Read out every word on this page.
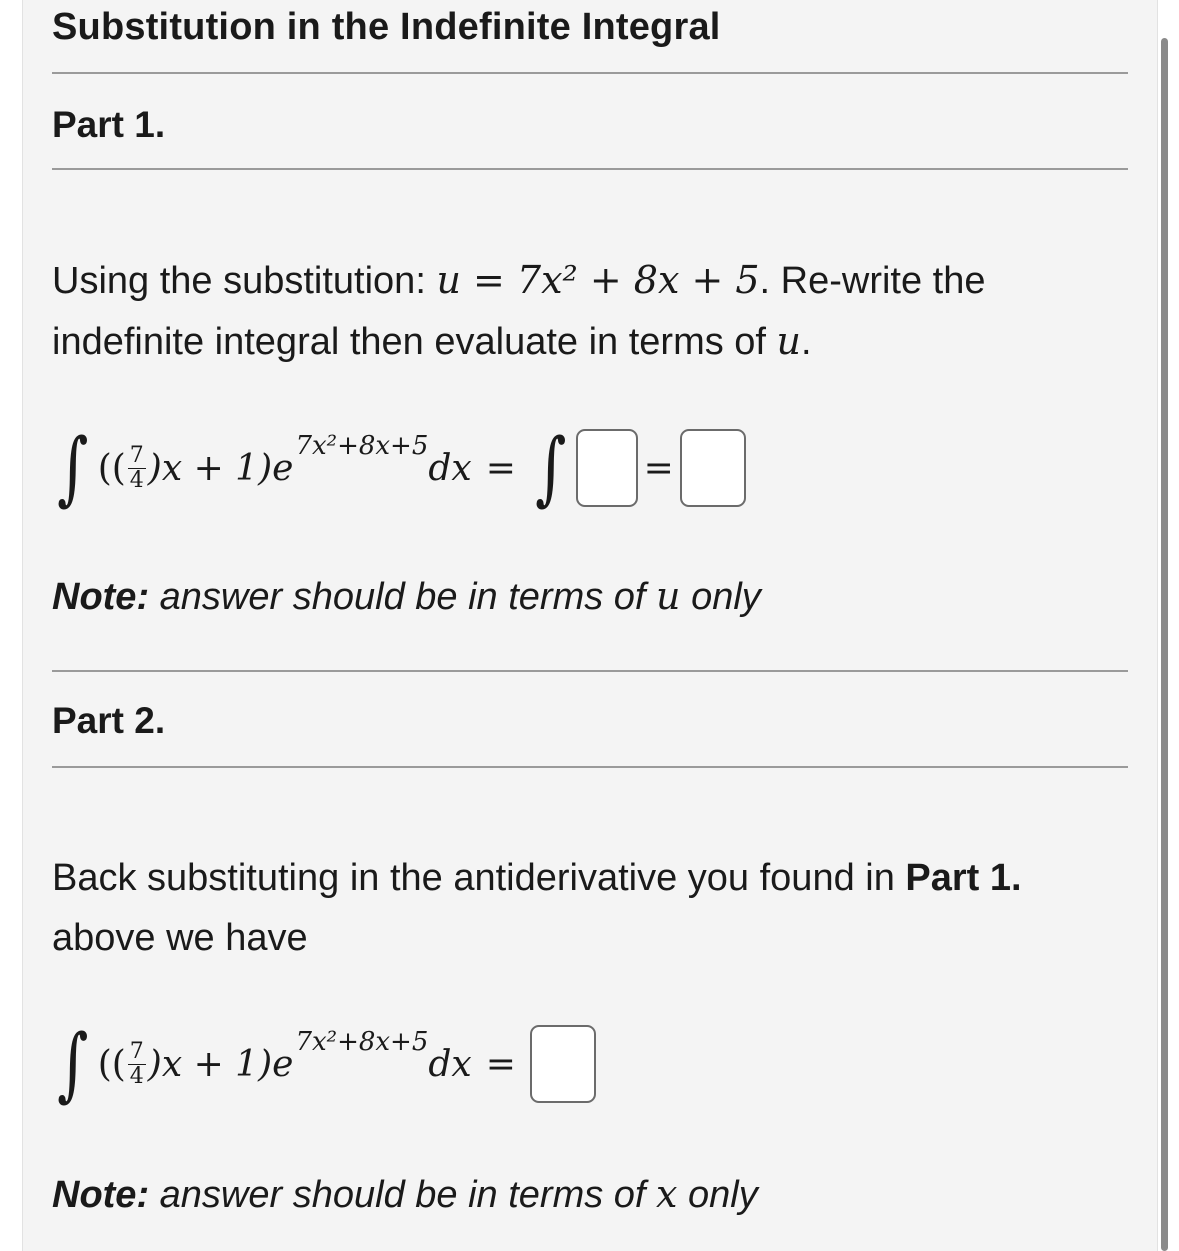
Substitution in the Indefinite Integral
Part 1.
Using the substitution: u = 7x² + 8x + 5. Re-write the indefinite integral then evaluate in terms of u.
∫ (( $\frac{7}{4} )x + 1)e$
7x²+8x+5
dx = ∫ =
Note: answer should be in terms of u only
Part 2.
Back substituting in the antiderivative you found in Part 1. above we have
∫ (( $\frac{7}{4} )x + 1)e$
7x²+8x+5
dx =
Note: answer should be in terms of x only
